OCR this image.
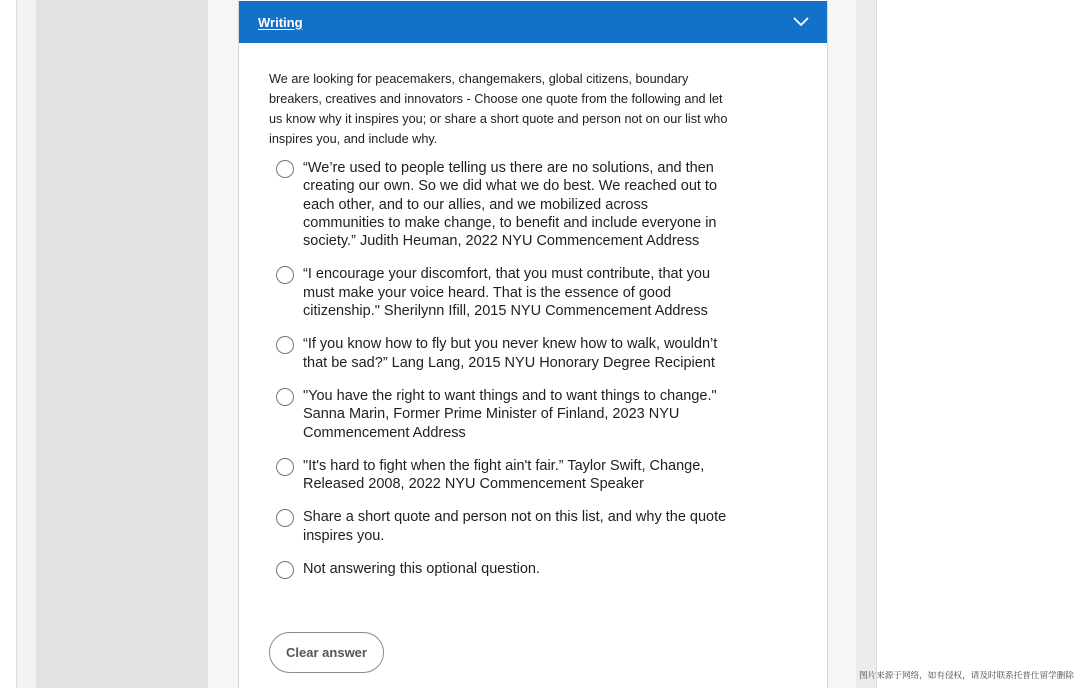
Writing

We are looking for peacemakers, changemakers, global citizens, boundary breakers, creatives and innovators - Choose one quote from the following and let us know why it inspires you; or share a short quote and person not on our list who inspires you, and include why.

“We’re used to people telling us there are no solutions, and then creating our own. So we did what we do best. We reached out to each other, and to our allies, and we mobilized across communities to make change, to benefit and include everyone in society.” Judith Heuman, 2022 NYU Commencement Address
“I encourage your discomfort, that you must contribute, that you must make your voice heard. That is the essence of good citizenship." Sherilynn Ifill, 2015 NYU Commencement Address
“If you know how to fly but you never knew how to walk, wouldn’t that be sad?” Lang Lang, 2015 NYU Honorary Degree Recipient
"You have the right to want things and to want things to change." Sanna Marin, Former Prime Minister of Finland, 2023 NYU Commencement Address
"It's hard to fight when the fight ain't fair.” Taylor Swift, Change, Released 2008, 2022 NYU Commencement Speaker
Share a short quote and person not on this list, and why the quote inspires you.
Not answering this optional question.
Clear answer
图片来源于网络，如有侵权，请及时联系托普仕留学删除
